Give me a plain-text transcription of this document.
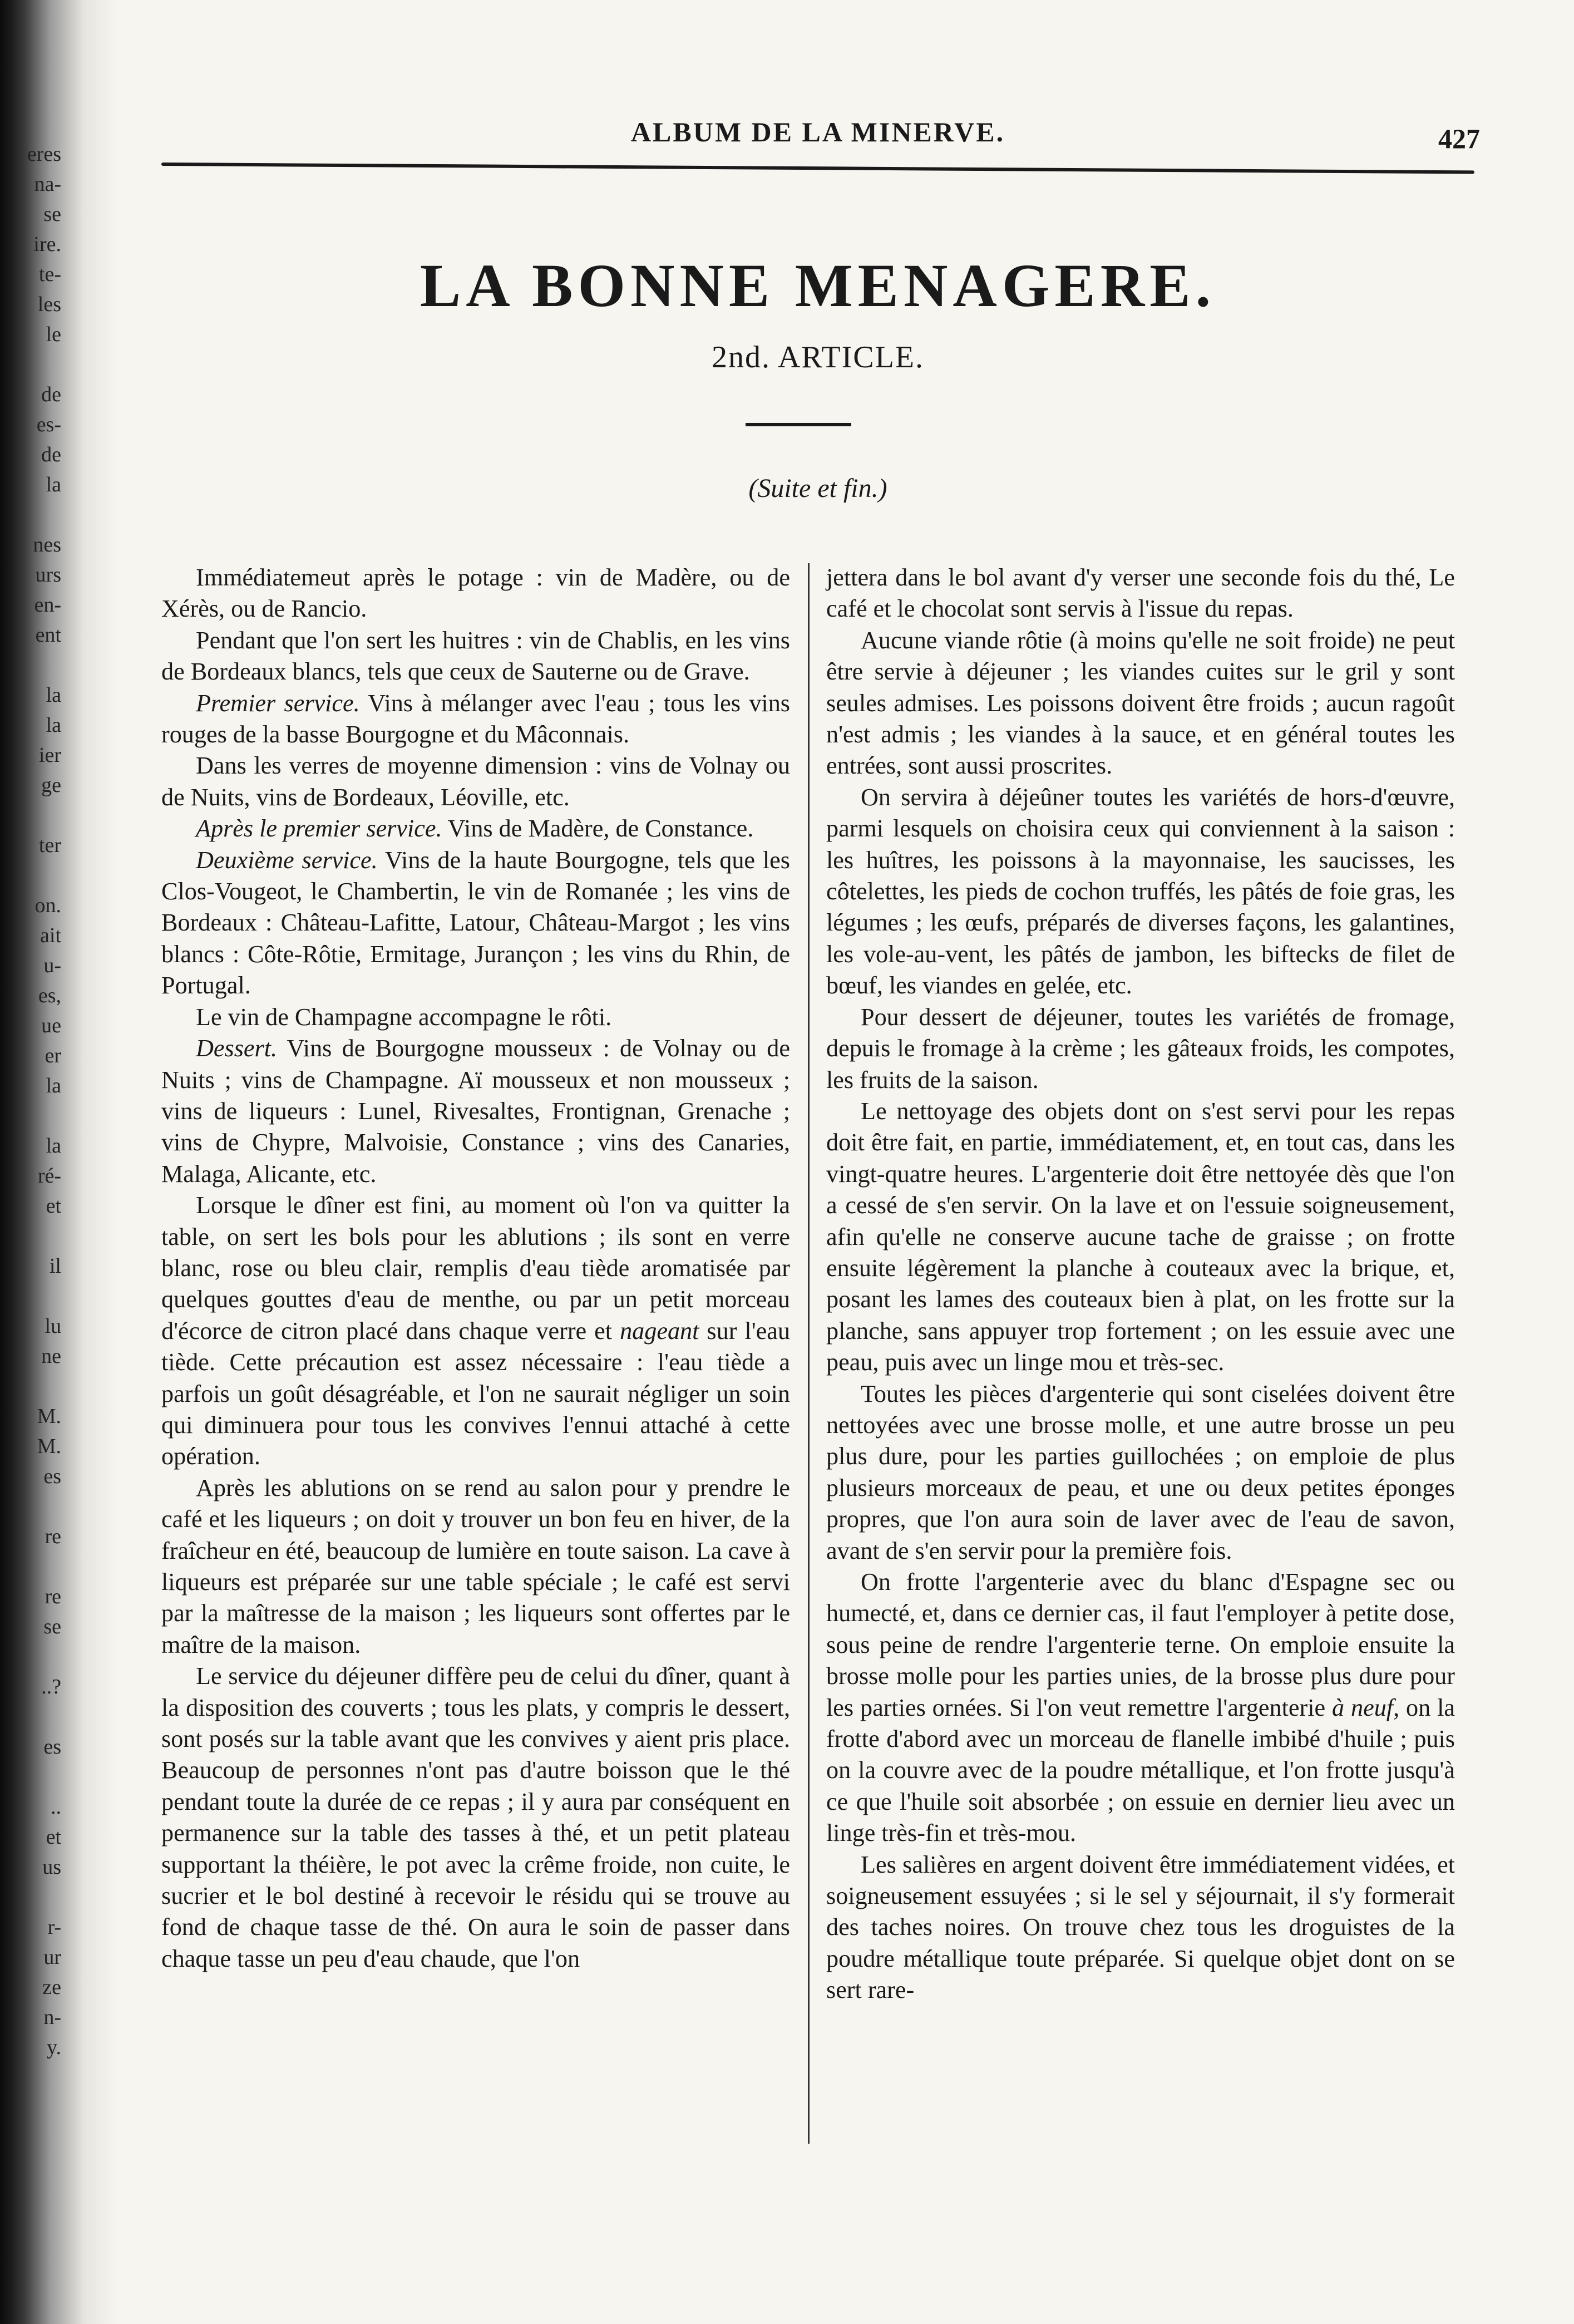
eres
na-
se
ire.
te-
les
le
de
es-
de
la
nes
urs
en-
ent
la
la
ier
ge
ter
on.
ait
u-
es,
ue
er
la
la
ré-
et
il
lu
ne
M.
M.
es
re
re
se
..?
es
..
et
us
r-
ur
ze
n-
y.
ALBUM DE LA MINERVE.	427
LA BONNE MENAGERE.
2nd. ARTICLE.
(Suite et fin.)

Immédiatemeut après le potage : vin de Madère, ou de Xérès, ou de Rancio.

Pendant que l'on sert les huitres : vin de Chablis, en les vins de Bordeaux blancs, tels que ceux de Sauterne ou de Grave.

Premier service. Vins à mélanger avec l'eau ; tous les vins rouges de la basse Bourgogne et du Mâconnais.

Dans les verres de moyenne dimension : vins de Volnay ou de Nuits, vins de Bordeaux, Léoville, etc.

Après le premier service. Vins de Madère, de Constance.

Deuxième service. Vins de la haute Bourgogne, tels que les Clos-Vougeot, le Chambertin, le vin de Romanée ; les vins de Bordeaux : Château-Lafitte, Latour, Château-Margot ; les vins blancs : Côte-Rôtie, Ermitage, Jurançon ; les vins du Rhin, de Portugal.

Le vin de Champagne accompagne le rôti.

Dessert. Vins de Bourgogne mousseux : de Volnay ou de Nuits ; vins de Champagne. Aï mousseux et non mousseux ; vins de liqueurs : Lunel, Rivesaltes, Frontignan, Grenache ; vins de Chypre, Malvoisie, Constance ; vins des Canaries, Malaga, Alicante, etc.

Lorsque le dîner est fini, au moment où l'on va quitter la table, on sert les bols pour les ablutions ; ils sont en verre blanc, rose ou bleu clair, remplis d'eau tiède aromatisée par quelques gouttes d'eau de menthe, ou par un petit morceau d'écorce de citron placé dans chaque verre et nageant sur l'eau tiède. Cette précaution est assez nécessaire : l'eau tiède a parfois un goût désagréable, et l'on ne saurait négliger un soin qui diminuera pour tous les convives l'ennui attaché à cette opération.

Après les ablutions on se rend au salon pour y prendre le café et les liqueurs ; on doit y trouver un bon feu en hiver, de la fraîcheur en été, beaucoup de lumière en toute saison. La cave à liqueurs est préparée sur une table spéciale ; le café est servi par la maîtresse de la maison ; les liqueurs sont offertes par le maître de la maison.

Le service du déjeuner diffère peu de celui du dîner, quant à la disposition des couverts ; tous les plats, y compris le dessert, sont posés sur la table avant que les convives y aient pris place. Beaucoup de personnes n'ont pas d'autre boisson que le thé pendant toute la durée de ce repas ; il y aura par conséquent en permanence sur la table des tasses à thé, et un petit plateau supportant la théière, le pot avec la crême froide, non cuite, le sucrier et le bol destiné à recevoir le résidu qui se trouve au fond de chaque tasse de thé. On aura le soin de passer dans chaque tasse un peu d'eau chaude, que l'on

jettera dans le bol avant d'y verser une seconde fois du thé, Le café et le chocolat sont servis à l'issue du repas.

Aucune viande rôtie (à moins qu'elle ne soit froide) ne peut être servie à déjeuner ; les viandes cuites sur le gril y sont seules admises. Les poissons doivent être froids ; aucun ragoût n'est admis ; les viandes à la sauce, et en général toutes les entrées, sont aussi proscrites.

On servira à déjeûner toutes les variétés de hors-d'œuvre, parmi lesquels on choisira ceux qui conviennent à la saison : les huîtres, les poissons à la mayonnaise, les saucisses, les côtelettes, les pieds de cochon truffés, les pâtés de foie gras, les légumes ; les œufs, préparés de diverses façons, les galantines, les vole-au-vent, les pâtés de jambon, les biftecks de filet de bœuf, les viandes en gelée, etc.

Pour dessert de déjeuner, toutes les variétés de fromage, depuis le fromage à la crème ; les gâteaux froids, les compotes, les fruits de la saison.

Le nettoyage des objets dont on s'est servi pour les repas doit être fait, en partie, immédiatement, et, en tout cas, dans les vingt-quatre heures. L'argenterie doit être nettoyée dès que l'on a cessé de s'en servir. On la lave et on l'essuie soigneusement, afin qu'elle ne conserve aucune tache de graisse ; on frotte ensuite légèrement la planche à couteaux avec la brique, et, posant les lames des couteaux bien à plat, on les frotte sur la planche, sans appuyer trop fortement ; on les essuie avec une peau, puis avec un linge mou et très-sec.

Toutes les pièces d'argenterie qui sont ciselées doivent être nettoyées avec une brosse molle, et une autre brosse un peu plus dure, pour les parties guillochées ; on emploie de plus plusieurs morceaux de peau, et une ou deux petites éponges propres, que l'on aura soin de laver avec de l'eau de savon, avant de s'en servir pour la première fois.

On frotte l'argenterie avec du blanc d'Espagne sec ou humecté, et, dans ce dernier cas, il faut l'employer à petite dose, sous peine de rendre l'argenterie terne. On emploie ensuite la brosse molle pour les parties unies, de la brosse plus dure pour les parties ornées. Si l'on veut remettre l'argenterie à neuf, on la frotte d'abord avec un morceau de flanelle imbibé d'huile ; puis on la couvre avec de la poudre métallique, et l'on frotte jusqu'à ce que l'huile soit absorbée ; on essuie en dernier lieu avec un linge très-fin et très-mou.

Les salières en argent doivent être immédiatement vidées, et soigneusement essuyées ; si le sel y séjournait, il s'y formerait des taches noires. On trouve chez tous les droguistes de la poudre métallique toute préparée. Si quelque objet dont on se sert rare-
